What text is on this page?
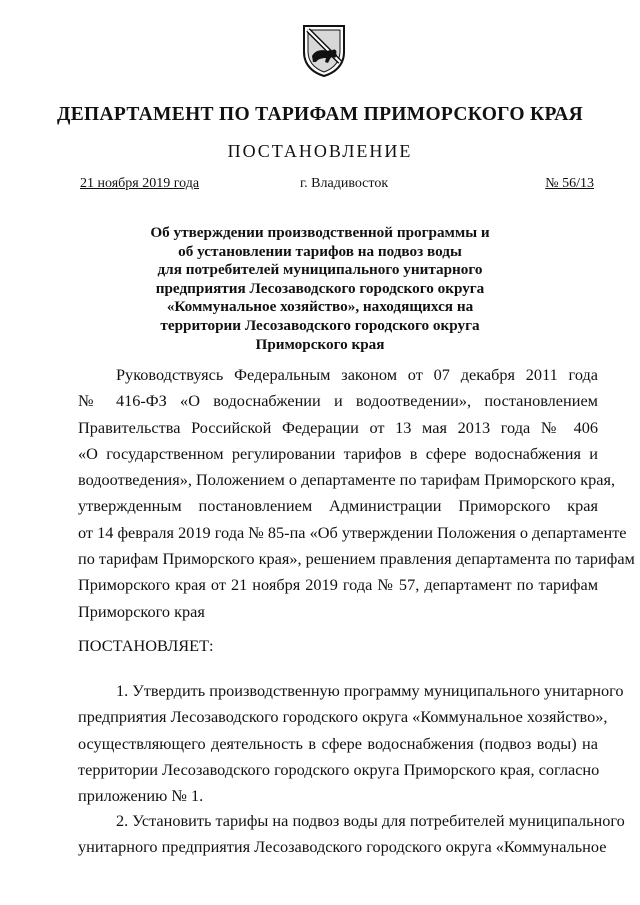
ДЕПАРТАМЕНТ ПО ТАРИФАМ ПРИМОРСКОГО КРАЯ
ПОСТАНОВЛЕНИЕ
21 ноября 2019 года	г. Владивосток	№ 56/13
Об утверждении производственной программы и
об установлении тарифов на подвоз воды
для потребителей муниципального унитарного
предприятия Лесозаводского городского округа
«Коммунальное хозяйство», находящихся на
территории Лесозаводского городского округа
Приморского края
Руководствуясь Федеральным законом от 07 декабря 2011 года
№ 416-ФЗ «О водоснабжении и водоотведении», постановлением
Правительства Российской Федерации от 13 мая 2013 года № 406
«О государственном регулировании тарифов в сфере водоснабжения и
водоотведения», Положением о департаменте по тарифам Приморского края,
утвержденным постановлением Администрации Приморского края
от 14 февраля 2019 года № 85-па «Об утверждении Положения о департаменте
по тарифам Приморского края», решением правления департамента по тарифам
Приморского края от 21 ноября 2019 года № 57, департамент по тарифам
Приморского края
ПОСТАНОВЛЯЕТ:
1. Утвердить производственную программу муниципального унитарного
предприятия Лесозаводского городского округа «Коммунальное хозяйство»,
осуществляющего деятельность в сфере водоснабжения (подвоз воды) на
территории Лесозаводского городского округа Приморского края, согласно
приложению № 1.
2. Установить тарифы на подвоз воды для потребителей муниципального
унитарного предприятия Лесозаводского городского округа «Коммунальное
